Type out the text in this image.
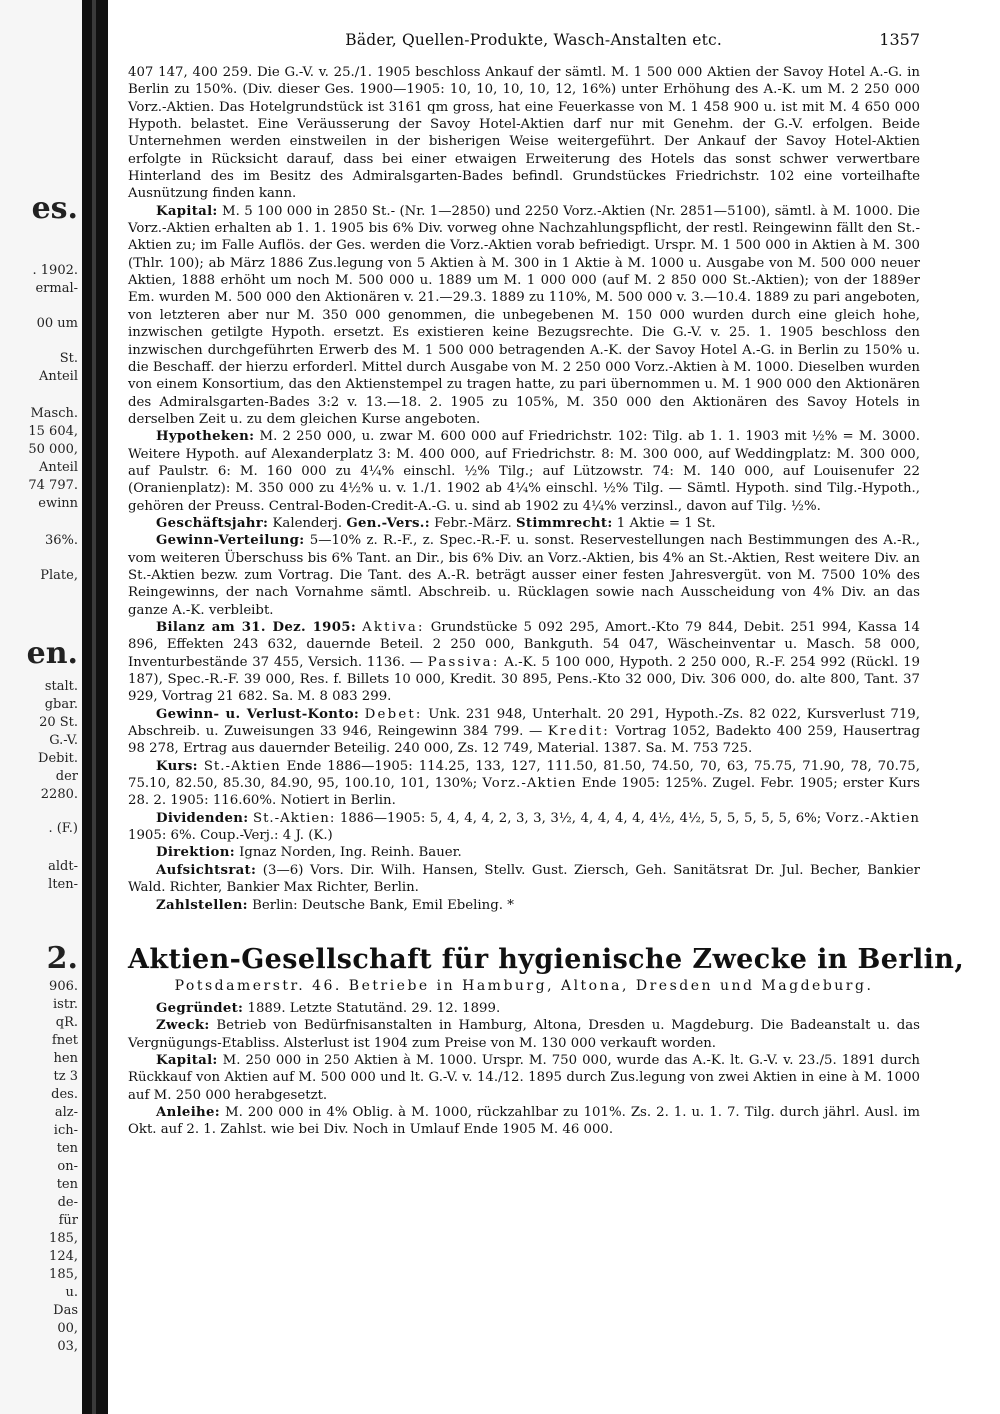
es.
. 1902.
ermal-
00 um
St.
Anteil
Masch.
15 604,
50 000,
Anteil
74 797.
ewinn
36%.
Plate,
en.
stalt.
gbar.
20 St.
G.-V.
Debit.
der
2280.
. (F.)
aldt-
lten-
2.
906.
istr.
qR.
fnet
hen
tz 3
des.
alz-
ich-
ten
on-
ten
de-
für
185,
124,
185,
u.
Das
00,
03,
Bäder, Quellen-Produkte, Wasch-Anstalten etc.	1357

407 147, 400 259. Die G.-V. v. 25./1. 1905 beschloss Ankauf der sämtl. M. 1 500 000 Aktien der Savoy Hotel A.-G. in Berlin zu 150%. (Div. dieser Ges. 1900—1905: 10, 10, 10, 10, 12, 16%) unter Erhöhung des A.-K. um M. 2 250 000 Vorz.-Aktien. Das Hotelgrundstück ist 3161 qm gross, hat eine Feuerkasse von M. 1 458 900 u. ist mit M. 4 650 000 Hypoth. belastet. Eine Veräusserung der Savoy Hotel-Aktien darf nur mit Genehm. der G.-V. erfolgen. Beide Unternehmen werden einstweilen in der bisherigen Weise weitergeführt. Der Ankauf der Savoy Hotel-Aktien erfolgte in Rücksicht darauf, dass bei einer etwaigen Erweiterung des Hotels das sonst schwer verwertbare Hinterland des im Besitz des Admiralsgarten-Bades befindl. Grundstückes Friedrichstr. 102 eine vorteilhafte Ausnützung finden kann.

Kapital: M. 5 100 000 in 2850 St.- (Nr. 1—2850) und 2250 Vorz.-Aktien (Nr. 2851—5100), sämtl. à M. 1000. Die Vorz.-Aktien erhalten ab 1. 1. 1905 bis 6% Div. vorweg ohne Nachzahlungspflicht, der restl. Reingewinn fällt den St.-Aktien zu; im Falle Auflös. der Ges. werden die Vorz.-Aktien vorab befriedigt. Urspr. M. 1 500 000 in Aktien à M. 300 (Thlr. 100); ab März 1886 Zus.legung von 5 Aktien à M. 300 in 1 Aktie à M. 1000 u. Ausgabe von M. 500 000 neuer Aktien, 1888 erhöht um noch M. 500 000 u. 1889 um M. 1 000 000 (auf M. 2 850 000 St.-Aktien); von der 1889er Em. wurden M. 500 000 den Aktionären v. 21.—29.3. 1889 zu 110%, M. 500 000 v. 3.—10.4. 1889 zu pari angeboten, von letzteren aber nur M. 350 000 genommen, die unbegebenen M. 150 000 wurden durch eine gleich hohe, inzwischen getilgte Hypoth. ersetzt. Es existieren keine Bezugsrechte. Die G.-V. v. 25. 1. 1905 beschloss den inzwischen durchgeführten Erwerb des M. 1 500 000 betragenden A.-K. der Savoy Hotel A.-G. in Berlin zu 150% u. die Beschaff. der hierzu erforderl. Mittel durch Ausgabe von M. 2 250 000 Vorz.-Aktien à M. 1000. Dieselben wurden von einem Konsortium, das den Aktienstempel zu tragen hatte, zu pari übernommen u. M. 1 900 000 den Aktionären des Admiralsgarten-Bades 3:2 v. 13.—18. 2. 1905 zu 105%, M. 350 000 den Aktionären des Savoy Hotels in derselben Zeit u. zu dem gleichen Kurse angeboten.

Hypotheken: M. 2 250 000, u. zwar M. 600 000 auf Friedrichstr. 102: Tilg. ab 1. 1. 1903 mit ½% = M. 3000. Weitere Hypoth. auf Alexanderplatz 3: M. 400 000, auf Friedrichstr. 8: M. 300 000, auf Weddingplatz: M. 300 000, auf Paulstr. 6: M. 160 000 zu 4¼% einschl. ½% Tilg.; auf Lützowstr. 74: M. 140 000, auf Louisenufer 22 (Oranienplatz): M. 350 000 zu 4½% u. v. 1./1. 1902 ab 4¼% einschl. ½% Tilg. — Sämtl. Hypoth. sind Tilg.-Hypoth., gehören der Preuss. Central-Boden-Credit-A.-G. u. sind ab 1902 zu 4¼% verzinsl., davon auf Tilg. ½%.

Geschäftsjahr: Kalenderj. Gen.-Vers.: Febr.-März. Stimmrecht: 1 Aktie = 1 St.

Gewinn-Verteilung: 5—10% z. R.-F., z. Spec.-R.-F. u. sonst. Reservestellungen nach Bestimmungen des A.-R., vom weiteren Überschuss bis 6% Tant. an Dir., bis 6% Div. an Vorz.-Aktien, bis 4% an St.-Aktien, Rest weitere Div. an St.-Aktien bezw. zum Vortrag. Die Tant. des A.-R. beträgt ausser einer festen Jahresvergüt. von M. 7500 10% des Reingewinns, der nach Vornahme sämtl. Abschreib. u. Rücklagen sowie nach Ausscheidung von 4% Div. an das ganze A.-K. verbleibt.

Bilanz am 31. Dez. 1905: Aktiva: Grundstücke 5 092 295, Amort.-Kto 79 844, Debit. 251 994, Kassa 14 896, Effekten 243 632, dauernde Beteil. 2 250 000, Bankguth. 54 047, Wäscheinventar u. Masch. 58 000, Inventurbestände 37 455, Versich. 1136. — Passiva: A.-K. 5 100 000, Hypoth. 2 250 000, R.-F. 254 992 (Rückl. 19 187), Spec.-R.-F. 39 000, Res. f. Billets 10 000, Kredit. 30 895, Pens.-Kto 32 000, Div. 306 000, do. alte 800, Tant. 37 929, Vortrag 21 682. Sa. M. 8 083 299.

Gewinn- u. Verlust-Konto: Debet: Unk. 231 948, Unterhalt. 20 291, Hypoth.-Zs. 82 022, Kursverlust 719, Abschreib. u. Zuweisungen 33 946, Reingewinn 384 799. — Kredit: Vortrag 1052, Badekto 400 259, Hausertrag 98 278, Ertrag aus dauernder Beteilig. 240 000, Zs. 12 749, Material. 1387. Sa. M. 753 725.

Kurs: St.-Aktien Ende 1886—1905: 114.25, 133, 127, 111.50, 81.50, 74.50, 70, 63, 75.75, 71.90, 78, 70.75, 75.10, 82.50, 85.30, 84.90, 95, 100.10, 101, 130%; Vorz.-Aktien Ende 1905: 125%. Zugel. Febr. 1905; erster Kurs 28. 2. 1905: 116.60%. Notiert in Berlin.

Dividenden: St.-Aktien: 1886—1905: 5, 4, 4, 4, 2, 3, 3, 3½, 4, 4, 4, 4, 4½, 4½, 5, 5, 5, 5, 5, 6%; Vorz.-Aktien 1905: 6%. Coup.-Verj.: 4 J. (K.)

Direktion: Ignaz Norden, Ing. Reinh. Bauer.

Aufsichtsrat: (3—6) Vors. Dir. Wilh. Hansen, Stellv. Gust. Ziersch, Geh. Sanitätsrat Dr. Jul. Becher, Bankier Wald. Richter, Bankier Max Richter, Berlin.

Zahlstellen: Berlin: Deutsche Bank, Emil Ebeling. *

Aktien-Gesellschaft für hygienische Zwecke in Berlin,
Potsdamerstr. 46. Betriebe in Hamburg, Altona, Dresden und Magdeburg.

Gegründet: 1889. Letzte Statutänd. 29. 12. 1899.

Zweck: Betrieb von Bedürfnisanstalten in Hamburg, Altona, Dresden u. Magdeburg. Die Badeanstalt u. das Vergnügungs-Etabliss. Alsterlust ist 1904 zum Preise von M. 130 000 verkauft worden.

Kapital: M. 250 000 in 250 Aktien à M. 1000. Urspr. M. 750 000, wurde das A.-K. lt. G.-V. v. 23./5. 1891 durch Rückkauf von Aktien auf M. 500 000 und lt. G.-V. v. 14./12. 1895 durch Zus.legung von zwei Aktien in eine à M. 1000 auf M. 250 000 herabgesetzt.

Anleihe: M. 200 000 in 4% Oblig. à M. 1000, rückzahlbar zu 101%. Zs. 2. 1. u. 1. 7. Tilg. durch jährl. Ausl. im Okt. auf 2. 1. Zahlst. wie bei Div. Noch in Umlauf Ende 1905 M. 46 000.
